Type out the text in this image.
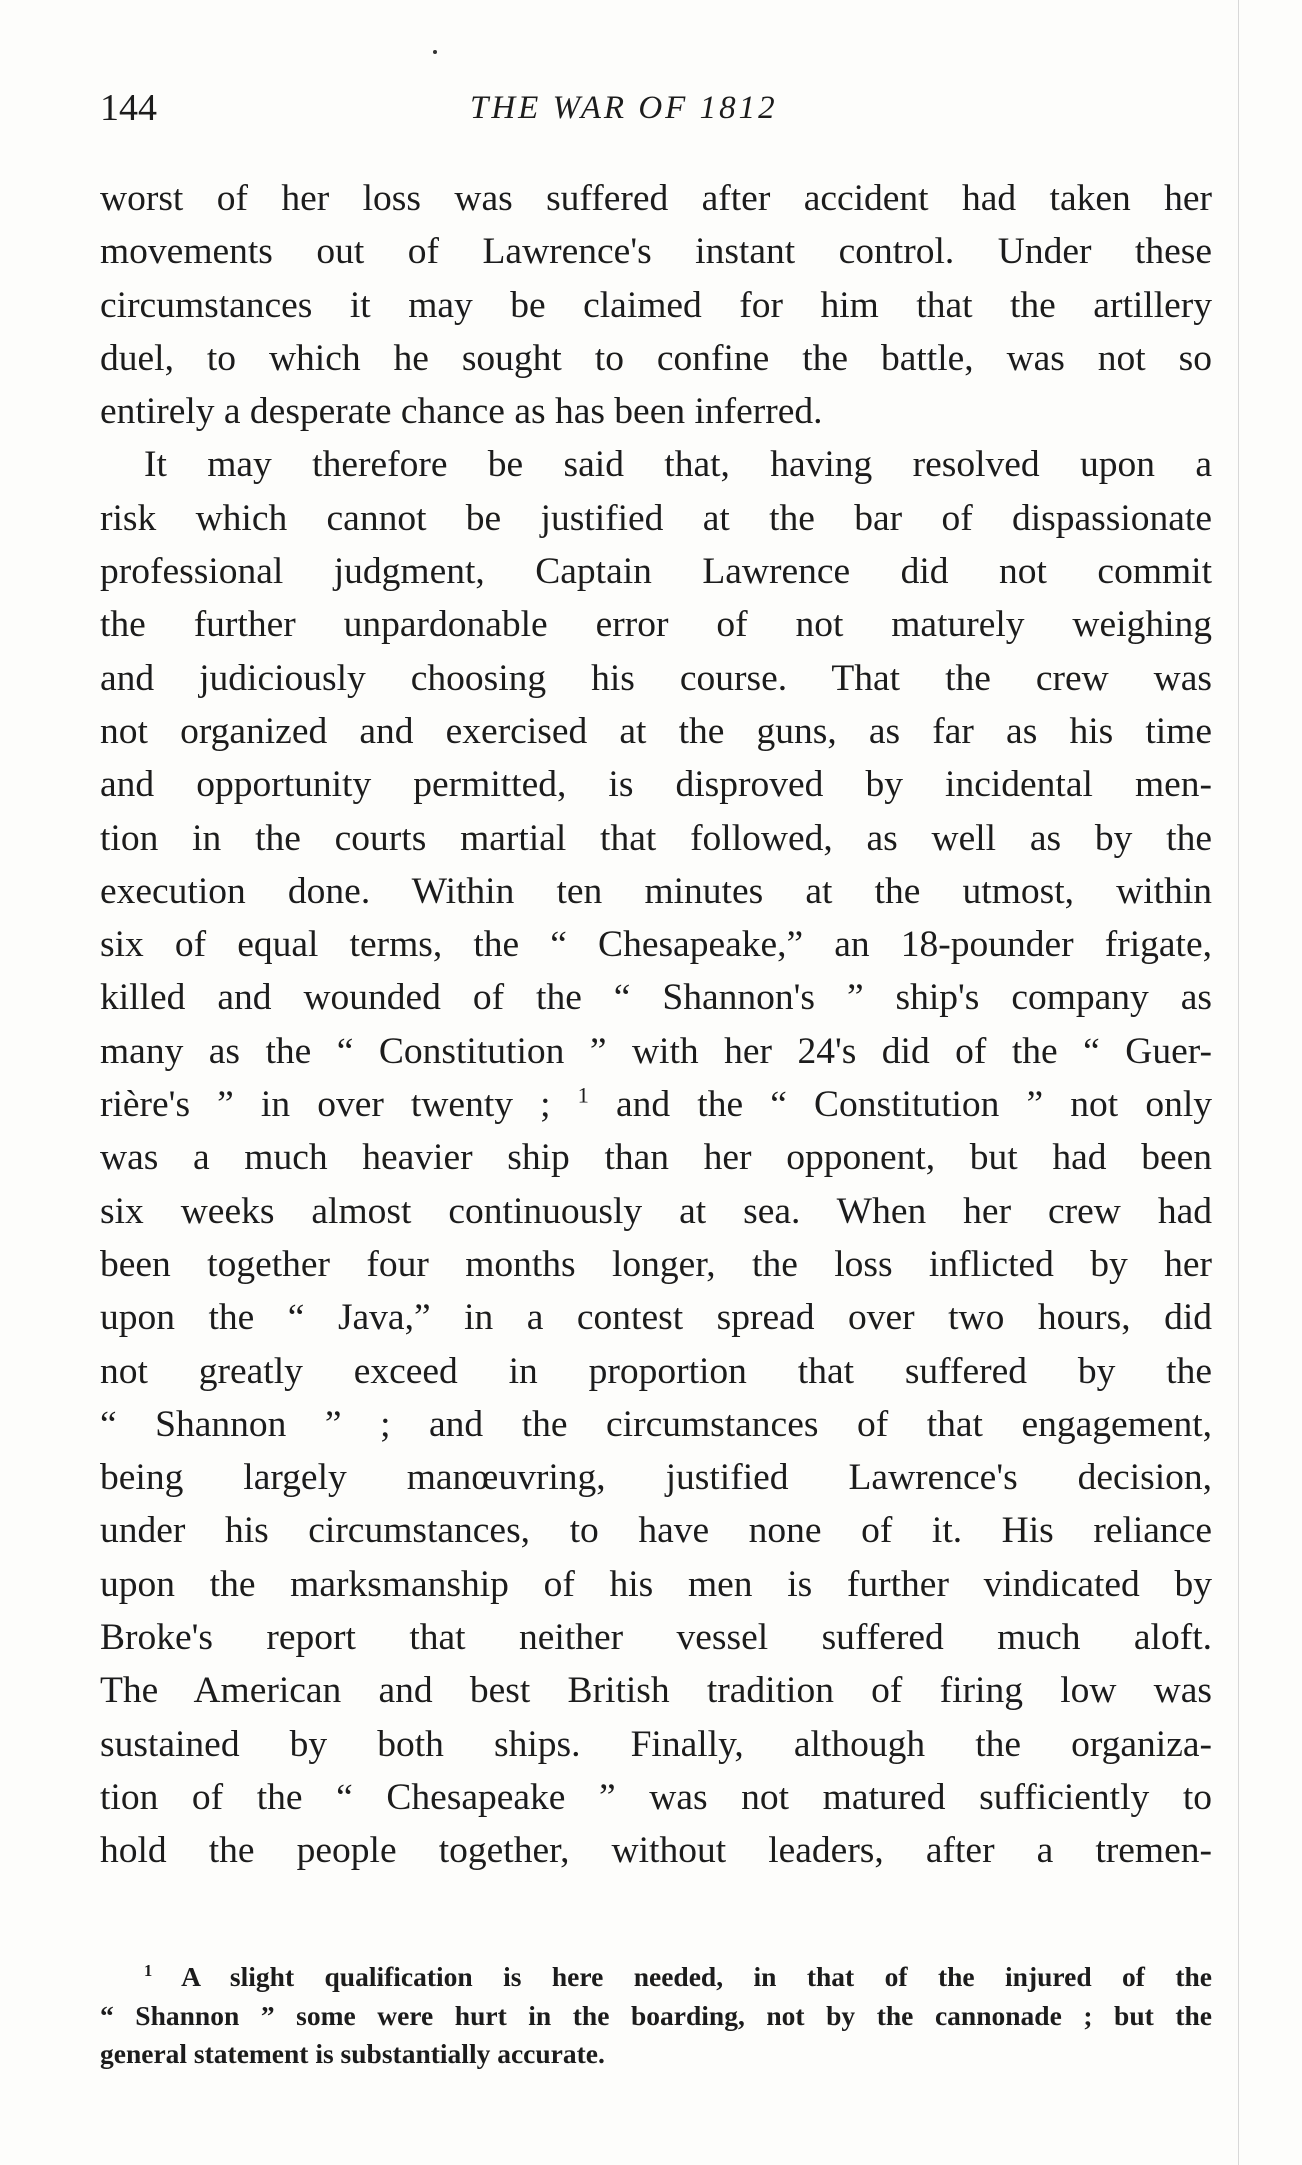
144	THE WAR OF 1812
worst of her loss was suffered after accident had taken her
movements out of Lawrence's instant control. Under these
circumstances it may be claimed for him that the artillery
duel, to which he sought to confine the battle, was not so
entirely a desperate chance as has been inferred.
It may therefore be said that, having resolved upon a
risk which cannot be justified at the bar of dispassionate
professional judgment, Captain Lawrence did not commit
the further unpardonable error of not maturely weighing
and judiciously choosing his course. That the crew was
not organized and exercised at the guns, as far as his time
and opportunity permitted, is disproved by incidental men-
tion in the courts martial that followed, as well as by the
execution done. Within ten minutes at the utmost, within
six of equal terms, the “ Chesapeake,” an 18-pounder frigate,
killed and wounded of the “ Shannon's ” ship's company as
many as the “ Constitution ” with her 24's did of the “ Guer-
rière's ” in over twenty ; $^1$ and the “ Constitution ” not only
was a much heavier ship than her opponent, but had been
six weeks almost continuously at sea. When her crew had
been together four months longer, the loss inflicted by her
upon the “ Java,” in a contest spread over two hours, did
not greatly exceed in proportion that suffered by the
“ Shannon ” ; and the circumstances of that engagement,
being largely manœuvring, justified Lawrence's decision,
under his circumstances, to have none of it. His reliance
upon the marksmanship of his men is further vindicated by
Broke's report that neither vessel suffered much aloft.
The American and best British tradition of firing low was
sustained by both ships. Finally, although the organiza-
tion of the “ Chesapeake ” was not matured sufficiently to
hold the people together, without leaders, after a tremen-
$^1$ A slight qualification is here needed, in that of the injured of the
“ Shannon ” some were hurt in the boarding, not by the cannonade ; but the
general statement is substantially accurate.
